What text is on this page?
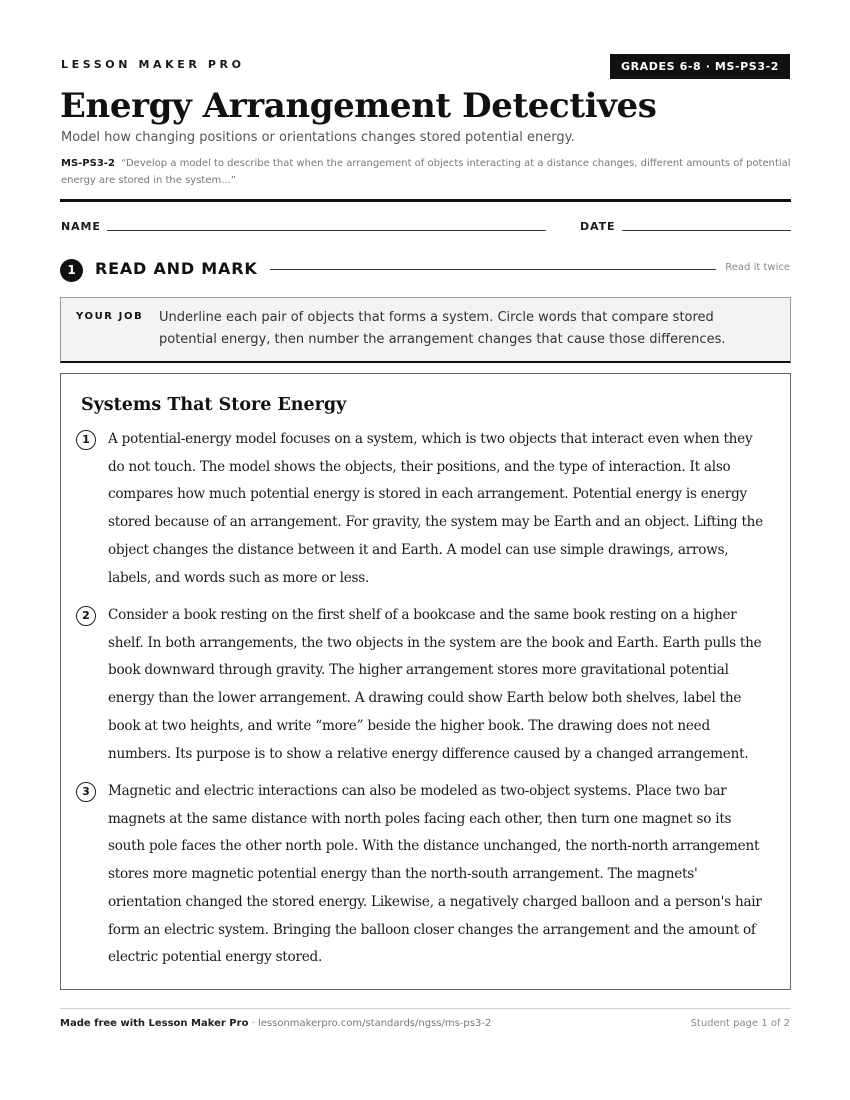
LESSON MAKER PRO	GRADES 6-8 · MS-PS3-2
Energy Arrangement Detectives
Model how changing positions or orientations changes stored potential energy.
MS-PS3-2 “Develop a model to describe that when the arrangement of objects interacting at a distance changes, different amounts of potential energy are stored in the system...”
NAME	DATE
1	READ AND MARK	Read it twice
YOUR JOB Underline each pair of objects that forms a system. Circle words that compare stored potential energy, then number the arrangement changes that cause those differences.
Systems That Store Energy
1	A potential-energy model focuses on a system, which is two objects that interact even when they do not touch. The model shows the objects, their positions, and the type of interaction. It also compares how much potential energy is stored in each arrangement. Potential energy is energy stored because of an arrangement. For gravity, the system may be Earth and an object. Lifting the object changes the distance between it and Earth. A model can use simple drawings, arrows, labels, and words such as more or less.

2	Consider a book resting on the first shelf of a bookcase and the same book resting on a higher shelf. In both arrangements, the two objects in the system are the book and Earth. Earth pulls the book downward through gravity. The higher arrangement stores more gravitational potential energy than the lower arrangement. A drawing could show Earth below both shelves, label the book at two heights, and write “more” beside the higher book. The drawing does not need numbers. Its purpose is to show a relative energy difference caused by a changed arrangement.

3	Magnetic and electric interactions can also be modeled as two-object systems. Place two bar magnets at the same distance with north poles facing each other, then turn one magnet so its south pole faces the other north pole. With the distance unchanged, the north-north arrangement stores more magnetic potential energy than the north-south arrangement. The magnets' orientation changed the stored energy. Likewise, a negatively charged balloon and a person's hair form an electric system. Bringing the balloon closer changes the arrangement and the amount of electric potential energy stored.

Made free with Lesson Maker Pro · lessonmakerpro.com/standards/ngss/ms-ps3-2	Student page 1 of 2
